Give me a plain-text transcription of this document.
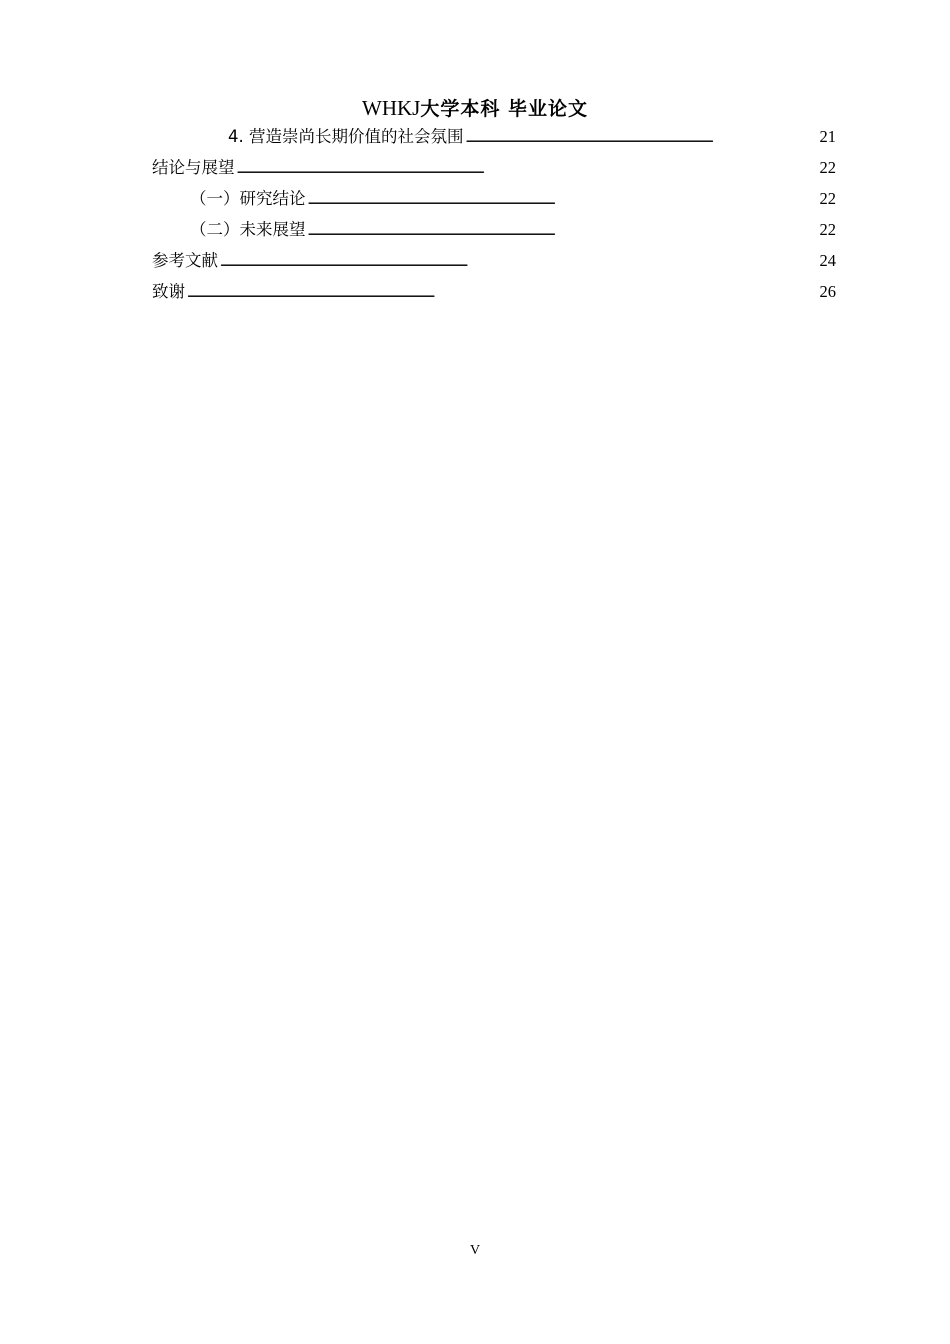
WHKJ大学本科 毕业论文
4. 营造崇尚长期价值的社会氛围 . . .	21
结论与展望 . . .	22
（一）研究结论 . . .	22
（二）未来展望 . . .	22
参考文献 . . .	24
致谢 . . .	26
V
